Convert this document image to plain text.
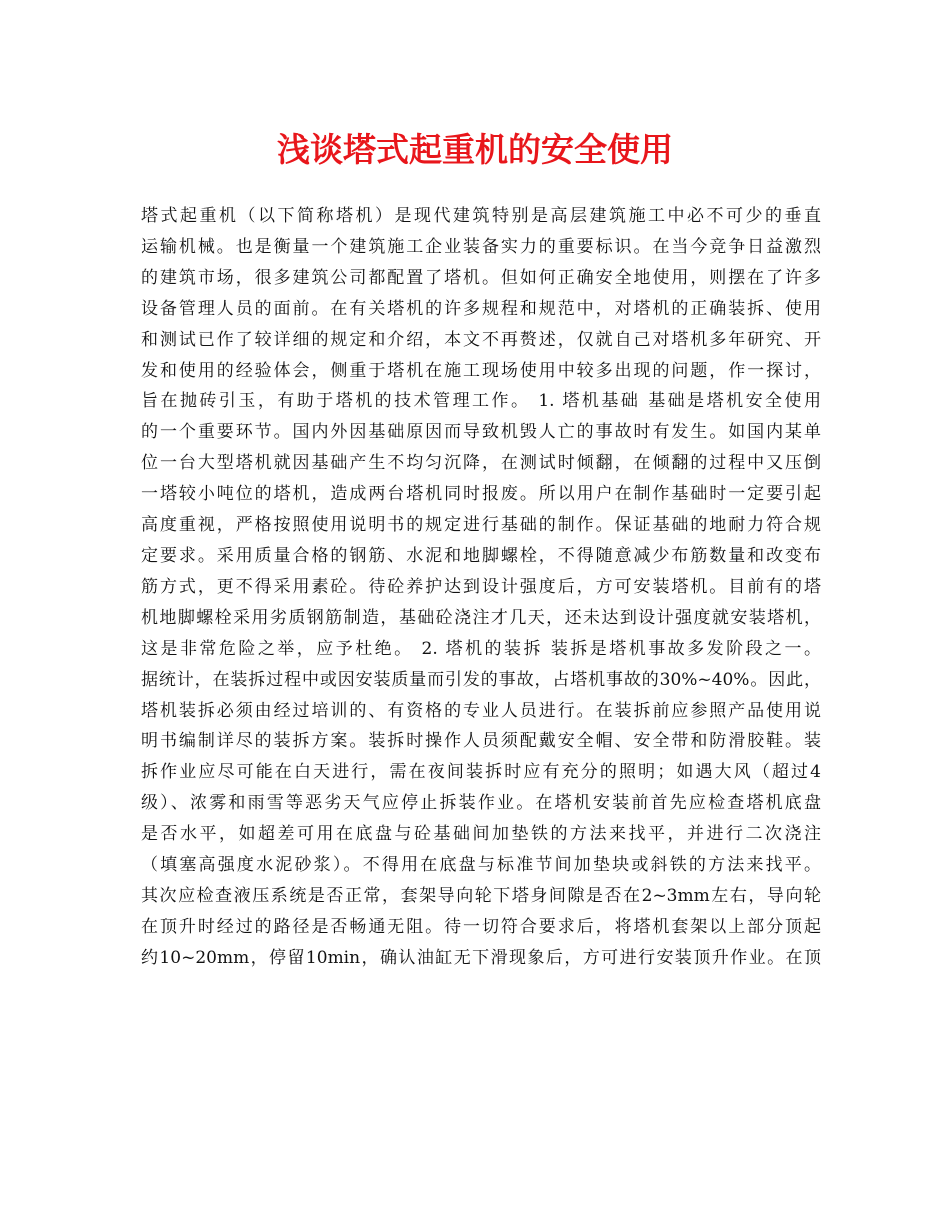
浅谈塔式起重机的安全使用
塔式起重机（以下简称塔机）是现代建筑特别是高层建筑施工中必不可少的垂直
运输机械。也是衡量一个建筑施工企业装备实力的重要标识。在当今竞争日益激烈
的建筑市场，很多建筑公司都配置了塔机。但如何正确安全地使用，则摆在了许多
设备管理人员的面前。在有关塔机的许多规程和规范中，对塔机的正确装拆、使用
和测试已作了较详细的规定和介绍，本文不再赘述，仅就自己对塔机多年研究、开
发和使用的经验体会，侧重于塔机在施工现场使用中较多出现的问题，作一探讨，
旨在抛砖引玉，有助于塔机的技术管理工作。 1. 塔机基础 基础是塔机安全使用
的一个重要环节。国内外因基础原因而导致机毁人亡的事故时有发生。如国内某单
位一台大型塔机就因基础产生不均匀沉降，在测试时倾翻，在倾翻的过程中又压倒
一塔较小吨位的塔机，造成两台塔机同时报废。所以用户在制作基础时一定要引起
高度重视，严格按照使用说明书的规定进行基础的制作。保证基础的地耐力符合规
定要求。采用质量合格的钢筋、水泥和地脚螺栓，不得随意减少布筋数量和改变布
筋方式，更不得采用素砼。待砼养护达到设计强度后，方可安装塔机。目前有的塔
机地脚螺栓采用劣质钢筋制造，基础砼浇注才几天，还未达到设计强度就安装塔机，
这是非常危险之举，应予杜绝。 2. 塔机的装拆 装拆是塔机事故多发阶段之一。
据统计，在装拆过程中或因安装质量而引发的事故，占塔机事故的30%~40%。因此，
塔机装拆必须由经过培训的、有资格的专业人员进行。在装拆前应参照产品使用说
明书编制详尽的装拆方案。装拆时操作人员须配戴安全帽、安全带和防滑胶鞋。装
拆作业应尽可能在白天进行，需在夜间装拆时应有充分的照明；如遇大风（超过4
级）、浓雾和雨雪等恶劣天气应停止拆装作业。在塔机安装前首先应检查塔机底盘
是否水平，如超差可用在底盘与砼基础间加垫铁的方法来找平，并进行二次浇注
（填塞高强度水泥砂浆）。不得用在底盘与标准节间加垫块或斜铁的方法来找平。
其次应检查液压系统是否正常，套架导向轮下塔身间隙是否在2~3mm左右，导向轮
在顶升时经过的路径是否畅通无阻。待一切符合要求后，将塔机套架以上部分顶起
约10~20mm，停留10min，确认油缸无下滑现象后，方可进行安装顶升作业。在顶
